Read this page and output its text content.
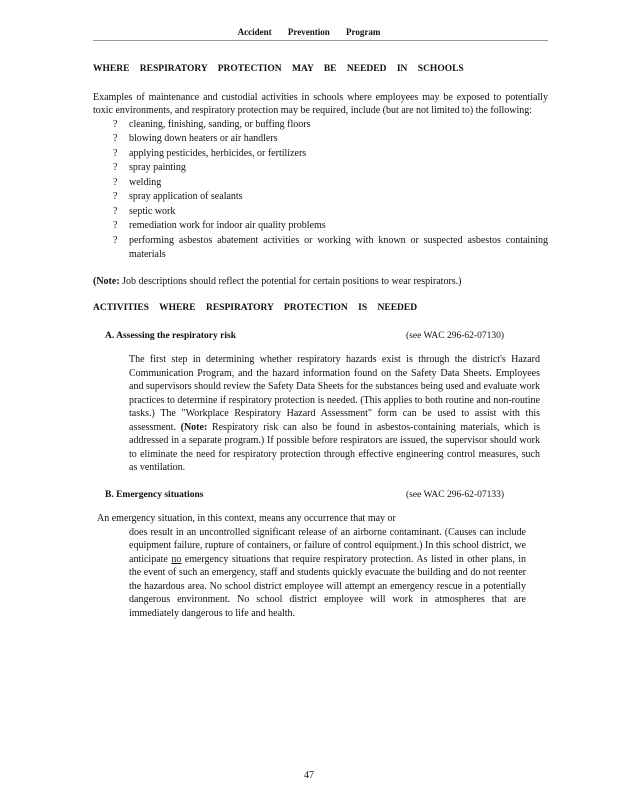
Accident Prevention Program
WHERE RESPIRATORY PROTECTION MAY BE NEEDED IN SCHOOLS

Examples of maintenance and custodial activities in schools where employees may be exposed to potentially toxic environments, and respiratory protection may be required, include (but are not limited to) the following:

? cleaning, finishing, sanding, or buffing floors
? blowing down heaters or air handlers
? applying pesticides, herbicides, or fertilizers
? spray painting
? welding
? spray application of sealants
? septic work
? remediation work for indoor air quality problems
? performing asbestos abatement activities or working with known or suspected asbestos containing materials

(Note: Job descriptions should reflect the potential for certain positions to wear respirators.)

ACTIVITIES WHERE RESPIRATORY PROTECTION IS NEEDED
A. Assessing the respiratory risk	(see WAC 296-62-07130)

The first step in determining whether respiratory hazards exist is through the district's Hazard Communication Program, and the hazard information found on the Safety Data Sheets. Employees and supervisors should review the Safety Data Sheets for the substances being used and evaluate work practices to determine if respiratory protection is needed. (This applies to both routine and non-routine tasks.) The "Workplace Respiratory Hazard Assessment" form can be used to assist with this assessment. (Note: Respiratory risk can also be found in asbestos-containing materials, which is addressed in a separate program.) If possible before respirators are issued, the supervisor should work to eliminate the need for respiratory protection through effective engineering control measures, such as ventilation.

B. Emergency situations	(see WAC 296-62-07133)

An emergency situation, in this context, means any occurrence that may or
does result in an uncontrolled significant release of an airborne contaminant. (Causes can include equipment failure, rupture of containers, or failure of control equipment.) In this school district, we anticipate no emergency situations that require respiratory protection. As listed in other plans, in the event of such an emergency, staff and students quickly evacuate the building and do not reenter the hazardous area. No school district employee will attempt an emergency rescue in a potentially dangerous environment. No school district employee will work in atmospheres that are immediately dangerous to life and health.

47
